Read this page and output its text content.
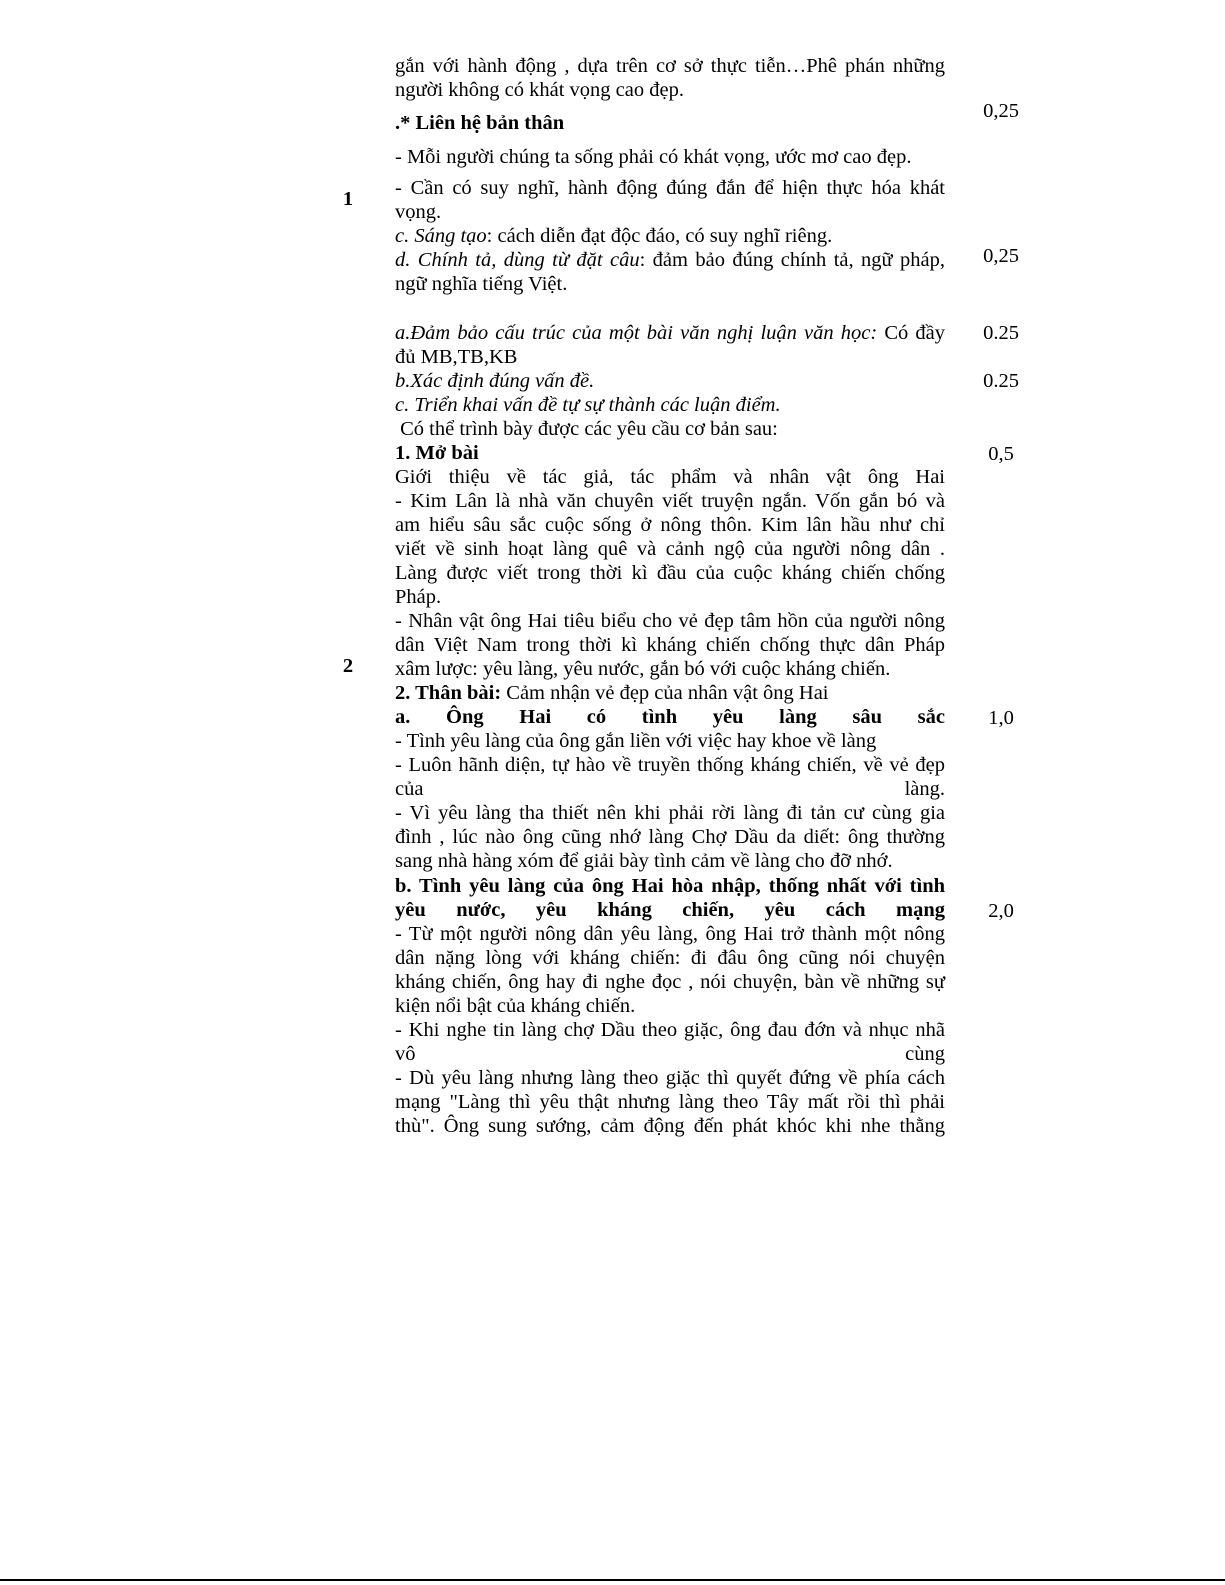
1
2
0,25
0,25
0.25
0.25
0,5
1,0
2,0
gắn với hành động , dựa trên cơ sở thực tiễn…Phê phán những
người không có khát vọng cao đẹp.
.* Liên hệ bản thân
- Mỗi người chúng ta sống phải có khát vọng, ước mơ cao đẹp.
- Cần có suy nghĩ, hành động đúng đắn để hiện thực hóa khát
vọng.
c. Sáng tạo: cách diễn đạt độc đáo, có suy nghĩ riêng.
d. Chính tả, dùng từ đặt câu: đảm bảo đúng chính tả, ngữ pháp,
ngữ nghĩa tiếng Việt.
a.Đảm bảo cấu trúc của một bài văn nghị luận văn học: Có đầy
đủ MB,TB,KB
b.Xác định đúng vấn đề.
c. Triển khai vấn đề tự sự thành các luận điểm.
Có thể trình bày được các yêu cầu cơ bản sau:
1. Mở bài
Giới thiệu về tác giả, tác phẩm và nhân vật ông Hai
- Kim Lân là nhà văn chuyên viết truyện ngắn. Vốn gắn bó và
am hiểu sâu sắc cuộc sống ở nông thôn. Kim lân hầu như chỉ
viết về sinh hoạt làng quê và cảnh ngộ của người nông dân .
Làng được viết trong thời kì đầu của cuộc kháng chiến chống
Pháp.
- Nhân vật ông Hai tiêu biểu cho vẻ đẹp tâm hồn của người nông
dân Việt Nam trong thời kì kháng chiến chống thực dân Pháp
xâm lược: yêu làng, yêu nước, gắn bó với cuộc kháng chiến.
2. Thân bài: Cảm nhận vẻ đẹp của nhân vật ông Hai
a. Ông Hai có tình yêu làng sâu sắc
- Tình yêu làng của ông gắn liền với việc hay khoe về làng
- Luôn hãnh diện, tự hào về truyền thống kháng chiến, về vẻ đẹp
của làng.
- Vì yêu làng tha thiết nên khi phải rời làng đi tản cư cùng gia
đình , lúc nào ông cũng nhớ làng Chợ Dầu da diết: ông thường
sang nhà hàng xóm để giải bày tình cảm về làng cho đỡ nhớ.
b. Tình yêu làng của ông Hai hòa nhập, thống nhất với tình
yêu nước, yêu kháng chiến, yêu cách mạng
- Từ một người nông dân yêu làng, ông Hai trở thành một nông
dân nặng lòng với kháng chiến: đi đâu ông cũng nói chuyện
kháng chiến, ông hay đi nghe đọc , nói chuyện, bàn về những sự
kiện nổi bật của kháng chiến.
- Khi nghe tin làng chợ Dầu theo giặc, ông đau đớn và nhục nhã
vô cùng
- Dù yêu làng nhưng làng theo giặc thì quyết đứng về phía cách
mạng "Làng thì yêu thật nhưng làng theo Tây mất rồi thì phải
thù". Ông sung sướng, cảm động đến phát khóc khi nhe thằng
